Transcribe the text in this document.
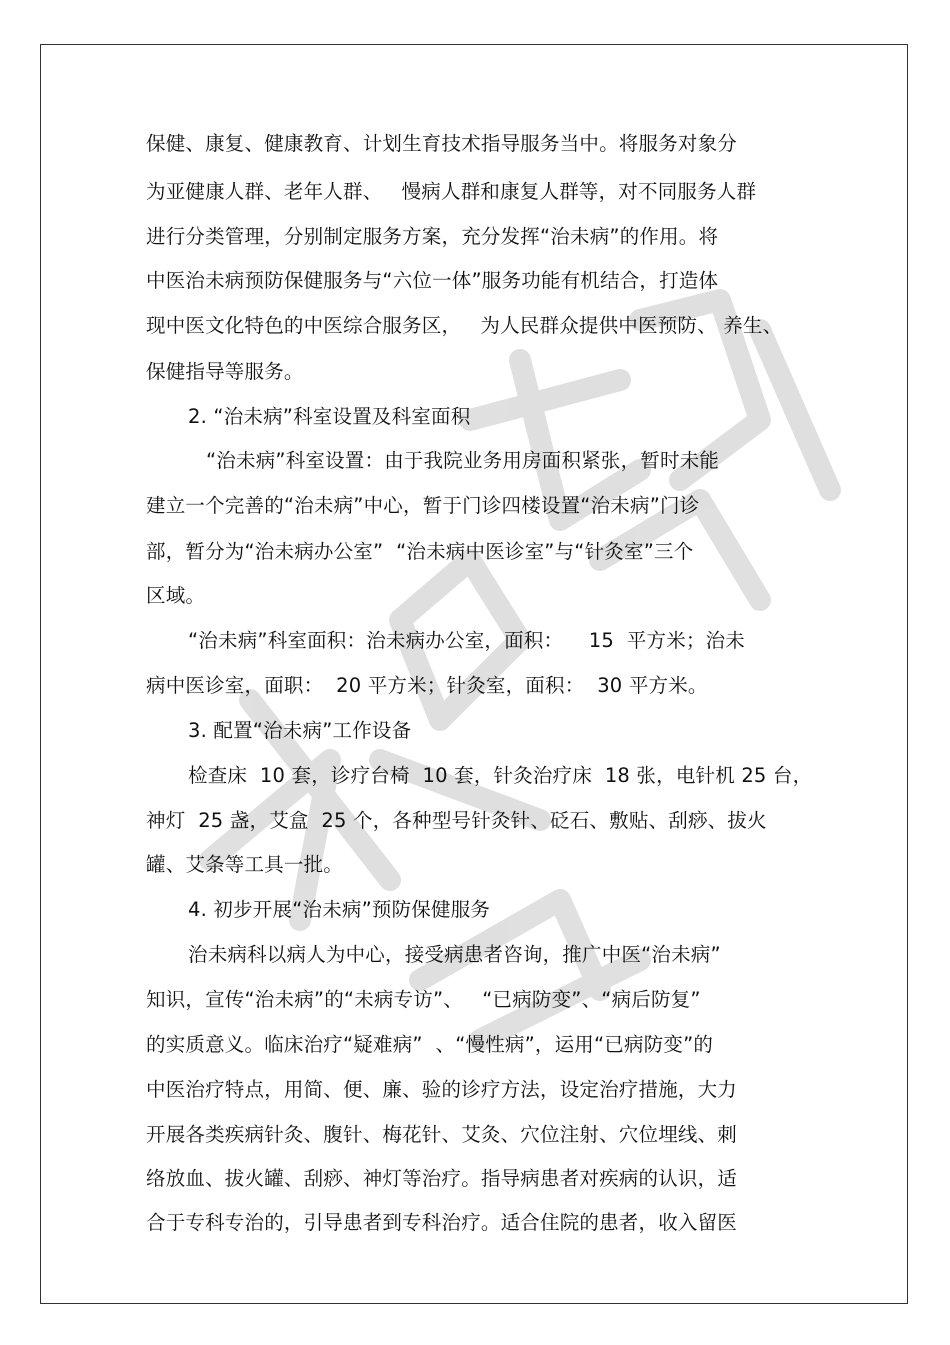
保健、康复、健康教育、计划生育技术指导服务当中。将服务对象分
为亚健康人群、老年人群、   慢病人群和康复人群等，对不同服务人群
进行分类管理，分别制定服务方案，充分发挥“治未病”的作用。将
中医治未病预防保健服务与“六位一体”服务功能有机结合，打造体
现中医文化特色的中医综合服务区，   为人民群众提供中医预防、 养生、
保健指导等服务。
2. “治未病”科室设置及科室面积
“治未病”科室设置：由于我院业务用房面积紧张，暂时未能
建立一个完善的“治未病”中心，暂于门诊四楼设置“治未病”门诊
部，暂分为“治未病办公室”  “治未病中医诊室”与“针灸室”三个
区域。
“治未病”科室面积：治未病办公室，面积：    15  平方米；治未
病中医诊室，面职：  20 平方米；针灸室，面积：  30 平方米。
3. 配置“治未病”工作设备
检查床  10 套，诊疗台椅  10 套，针灸治疗床  18 张，电针机 25 台，
神灯  25 盏，艾盒  25 个，各种型号针灸针、砭石、敷贴、刮痧、拔火
罐、艾条等工具一批。
4. 初步开展“治未病”预防保健服务
治未病科以病人为中心，接受病患者咨询，推广中医“治未病”
知识，宣传“治未病”的“未病专访”、   “已病防变”、“病后防复”
的实质意义。临床治疗“疑难病”  、“慢性病”，运用“已病防变”的
中医治疗特点，用简、便、廉、验的诊疗方法，设定治疗措施，大力
开展各类疾病针灸、腹针、梅花针、艾灸、穴位注射、穴位埋线、刺
络放血、拔火罐、刮痧、神灯等治疗。指导病患者对疾病的认识，适
合于专科专治的，引导患者到专科治疗。适合住院的患者，收入留医
